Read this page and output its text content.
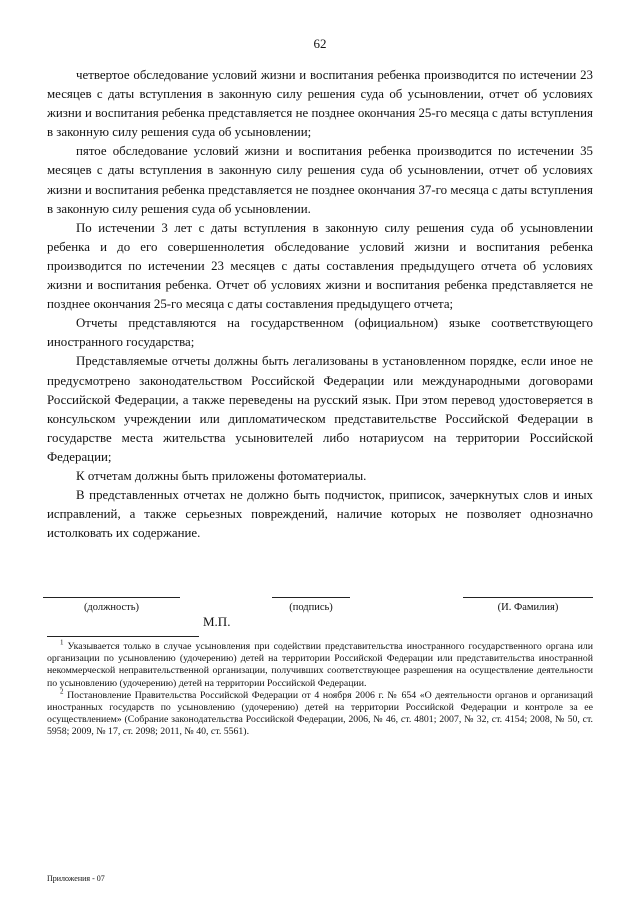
62

четвертое обследование условий жизни и воспитания ребенка производится по истечении 23 месяцев с даты вступления в законную силу решения суда об усыновлении, отчет об условиях жизни и воспитания ребенка представляется не позднее окончания 25-го месяца с даты вступления в законную силу решения суда об усыновлении;

пятое обследование условий жизни и воспитания ребенка производится по истечении 35 месяцев с даты вступления в законную силу решения суда об усыновлении, отчет об условиях жизни и воспитания ребенка представляется не позднее окончания 37-го месяца с даты вступления в законную силу решения суда об усыновлении.

По истечении 3 лет с даты вступления в законную силу решения суда об усыновлении ребенка и до его совершеннолетия обследование условий жизни и воспитания ребенка производится по истечении 23 месяцев с даты составления предыдущего отчета об условиях жизни и воспитания ребенка. Отчет об условиях жизни и воспитания ребенка представляется не позднее окончания 25-го месяца с даты составления предыдущего отчета;

Отчеты представляются на государственном (официальном) языке соответствующего иностранного государства;

Представляемые отчеты должны быть легализованы в установленном порядке, если иное не предусмотрено законодательством Российской Федерации или международными договорами Российской Федерации, а также переведены на русский язык. При этом перевод удостоверяется в консульском учреждении или дипломатическом представительстве Российской Федерации в государстве места жительства усыновителей либо нотариусом на территории Российской Федерации;

К отчетам должны быть приложены фотоматериалы.

В представленных отчетах не должно быть подчисток, приписок, зачеркнутых слов и иных исправлений, а также серьезных повреждений, наличие которых не позволяет однозначно истолковать их содержание.

(должность)	(подпись)	(И. Фамилия)
М.П.

$^1$ Указывается только в случае усыновления при содействии представительства иностранного государственного органа или организации по усыновлению (удочерению) детей на территории Российской Федерации или представительства иностранной некоммерческой неправительственной организации, получивших соответствующее разрешения на осуществление деятельности по усыновлению (удочерению) детей на территории Российской Федерации.

$^2$ Постановление Правительства Российской Федерации от 4 ноября 2006 г. № 654 «О деятельности органов и организаций иностранных государств по усыновлению (удочерению) детей на территории Российской Федерации и контроле за ее осуществлением» (Собрание законодательства Российской Федерации, 2006, № 46, ст. 4801; 2007, № 32, ст. 4154; 2008, № 50, ст. 5958; 2009, № 17, ст. 2098; 2011, № 40, ст. 5561).

Приложения - 07
